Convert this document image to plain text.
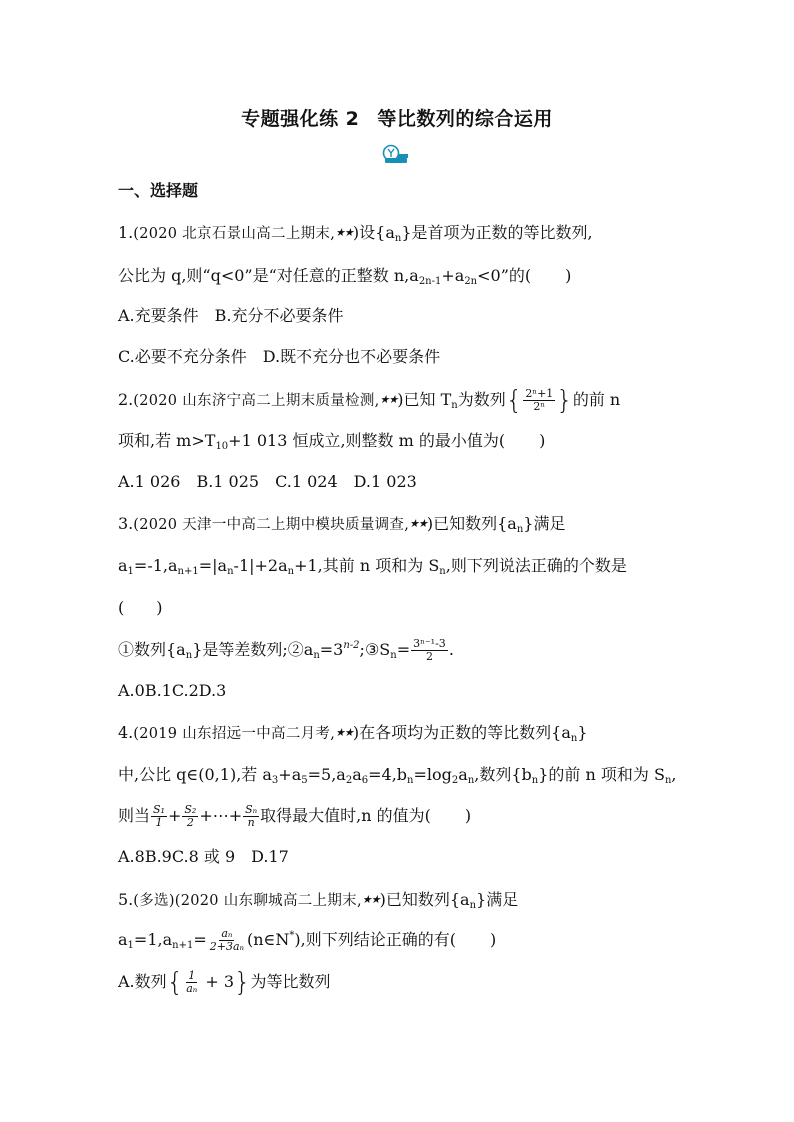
专题强化练 2 等比数列的综合运用
一、选择题
1.(2020 北京石景山高二上期末,★★)设$\{a_n\}$是首项为正数的等比数列,
公比为 q,则“q<0”是“对任意的正整数 $n,a_{2n-1}+a_{2n}<0$”的( )
A.充要条件　B.充分不必要条件
C.必要不充分条件　D.既不充分也不必要条件
2.(2020 山东济宁高二上期末质量检测,★★)已知 $T_n$为数列{ $\frac{\text{2ⁿ+1}}{\text{2ⁿ}}$ }的前 n
项和,若 $m>T_{10}+1$ 013 恒成立,则整数 m 的最小值为( )
A.1 026　B.1 025　C.1 024　D.1 023
3.(2020 天津一中高二上期中模块质量调查,★★)已知数列$\{a_n\}$满足
$a_1=-1,a_{n+1}=|a_n-1|+2a_n+1$,其前 n 项和为 $S_n$,则下列说法正确的个数是
(　　)
①数列$\{a_n\}$是等差数列$;②a_n=3^{n-2};③S_n= \frac{\text{3ⁿ⁻¹-3}}{2}$ .
A.0B.1C.2D.3
4.(2019 山东招远一中高二月考,★★)在各项均为正数的等比数列$\{a_n\}$
中,公比 q∈(0,1),若 $a_3+a_5=5,a_2a_6=4,b_n=\log_2a_n$,数列$\{b_n\}$的前 n 项和为 $S_n$,
则当 $\frac{\text{S₁}}{1} + \frac{\text{S₂}}{2}$ +⋯+ $\frac{\text{Sₙ}}{n}$ 取得最大值时,n 的值为( )
A.8B.9C.8 或 9　D.17
5.(多选)(2020 山东聊城高二上期末,★★)已知数列$\{a_n\}$满足
$a_1=1,a_{n+1}= \frac{\text{aₙ}}{\text{2+3aₙ}}$ (n∈N*),则下列结论正确的有( )
A.数列{ $\frac{1}{\text{aₙ}} + 3$}为等比数列
